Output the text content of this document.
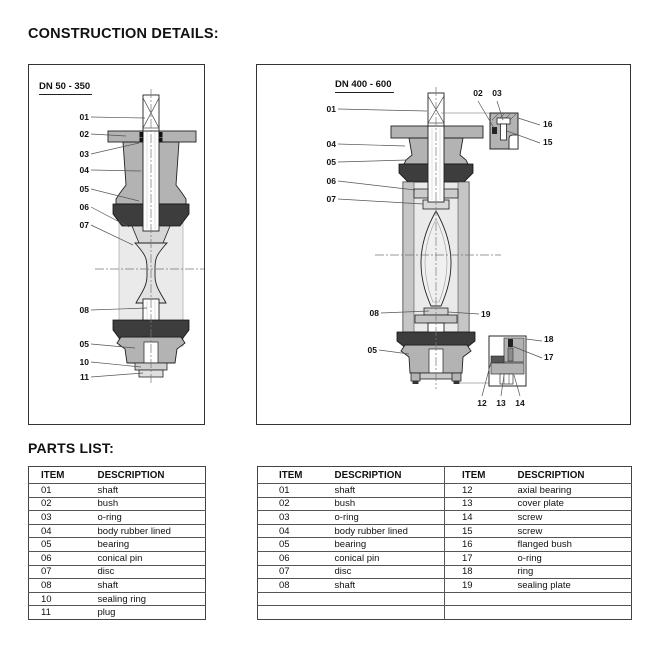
CONSTRUCTION DETAILS:
DN 50 - 350
01
02
03
04
05
06
07
08
05
10
11
DN 400 - 600
01
04
05
06
07
08	19
05
02	03
16
15
18
17
12	13	14
PARTS LIST:
ITEM	DESCRIPTION
01	shaft
02	bush
03	o-ring
04	body rubber lined
05	bearing
06	conical pin
07	disc
08	shaft
10	sealing ring
11	plug
ITEM	DESCRIPTION	ITEM	DESCRIPTION
01	shaft	12	axial bearing
02	bush	13	cover plate
03	o-ring	14	screw
04	body rubber lined	15	screw
05	bearing	16	flanged bush
06	conical pin	17	o-ring
07	disc	18	ring
08	shaft	19	sealing plate
